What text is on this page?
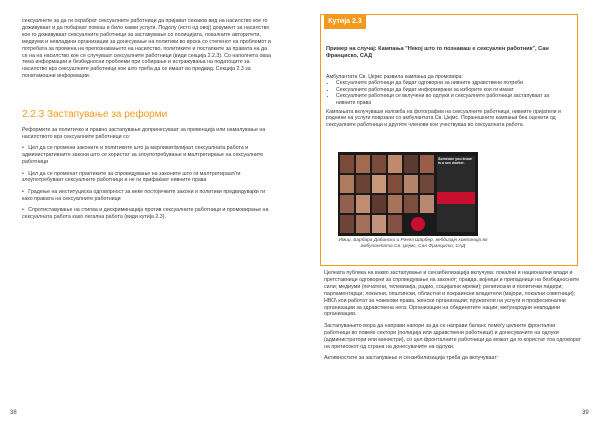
сексуалнете за да ги охрабрат сексуалните работници да пријават секаков вид на насилство кое го доживуваат и да побараат помош и било какви услуги. Подолу (исто од овој) документ за насилство кое го доживуваат сексуалните работници за заставување со полицијата, локалните авторитети, медиуми и невладини организации за донесување на политики во врска со степенот на проблемот и потребата за промена на препознавањето на насилство, политиките и постапките за правата на да се на на насилство кое се случуваат сексуалните работници (види секција 2.2.3). Со наполнета оваа тема информации и безбедносни проблеми при собирање и истражувања на податоците за насилство врз сексуалните работници кои што треба да се имаат во предвид. Секција 2.3 за понатамошни информации.

2.2.3 Застапување за реформи

Реформите за политичко и правно застапување допринесуваат за превенција или намалување на насилството врз сексуалните работници со:

•   Цел да се промени законите и политиките што ја мерливат/влијаат сексуалната работа и административните закони што се користат за злоупотребување и малтретирање на сексуалните работници

•   Цел да се променат практиките за спроведување на законите што ги малтретираат/ги злоупотребуваат сексуалните работници и не ги прифаќаат нивните права

•   Градење на институциска одговорност за веќе постојечките закони и политики предвидувајќи ги како правата на сексуалните работници

•   Спротиставување на стигма и дискриминација против сексуалните работници и промовирање на сексуалната работа како легална работа (види кутија 2.3).

38
Кутија 2.3
Пример на случај: Кампања "Некој што го познаваш е сексуален работник", Сан Франциско, САД
Амбулантата Св. Џејмс развила кампања да промовира:
• Сексуалните работници да бидат одговорни за нивните здравствени потреби
• Сексуалните работници да бидат информирани за изборите кои ги имаат
• Сексуалните работници се вклучени во одлуки и сексуалните работници застапуваат за нивните права
Кампањата вклучуваше изложба на фотографии на сексуалните работници, нивните пријатели и роднини на услуги поврзани со амбулантата Св. Џејмс. Поранешните кампањи беа оценети од сексуалните работници и другите членови кои учествуваа во сексуалната работа.
Someone you know is a sex worker.
Имиџ, Барбара Дабински и Рачел Шарбер, вебдизајн компанија во амбулантата Св. Џејмс, Сан Франциско, САД

Целната публика на вакво застапување и сензибилизација вклучува: локални и национални влади и претставници одговорни за спроведување на законот; правда, војници и припадници на безбедносните сили; медиуми (печатени, телевизија, радио, социјални мрежи); религиозни и политички лидери; парламентарци; локални, општински, областни и покраински владетели (мајори, локални советници); НВО\ кои работат за човекови права, женски организации; пружатели на услуги и професионални организации за здравствена нега; Организации на обединетите нации; меѓународни невладини организации.

Застапувањето мора да направи напори за да се направи баланс помеѓу целните фронтални работници во повеќе сектори (полиција или здравствени работници) и донесувачите на одлуки (администратори или министри), со цел фронталните работници да можат да го користат тоа одговорат на притисокот од страна на донесувачите на одлуки.

Активностите за застапување и сензибилизација треба да вклучуваат:

39
